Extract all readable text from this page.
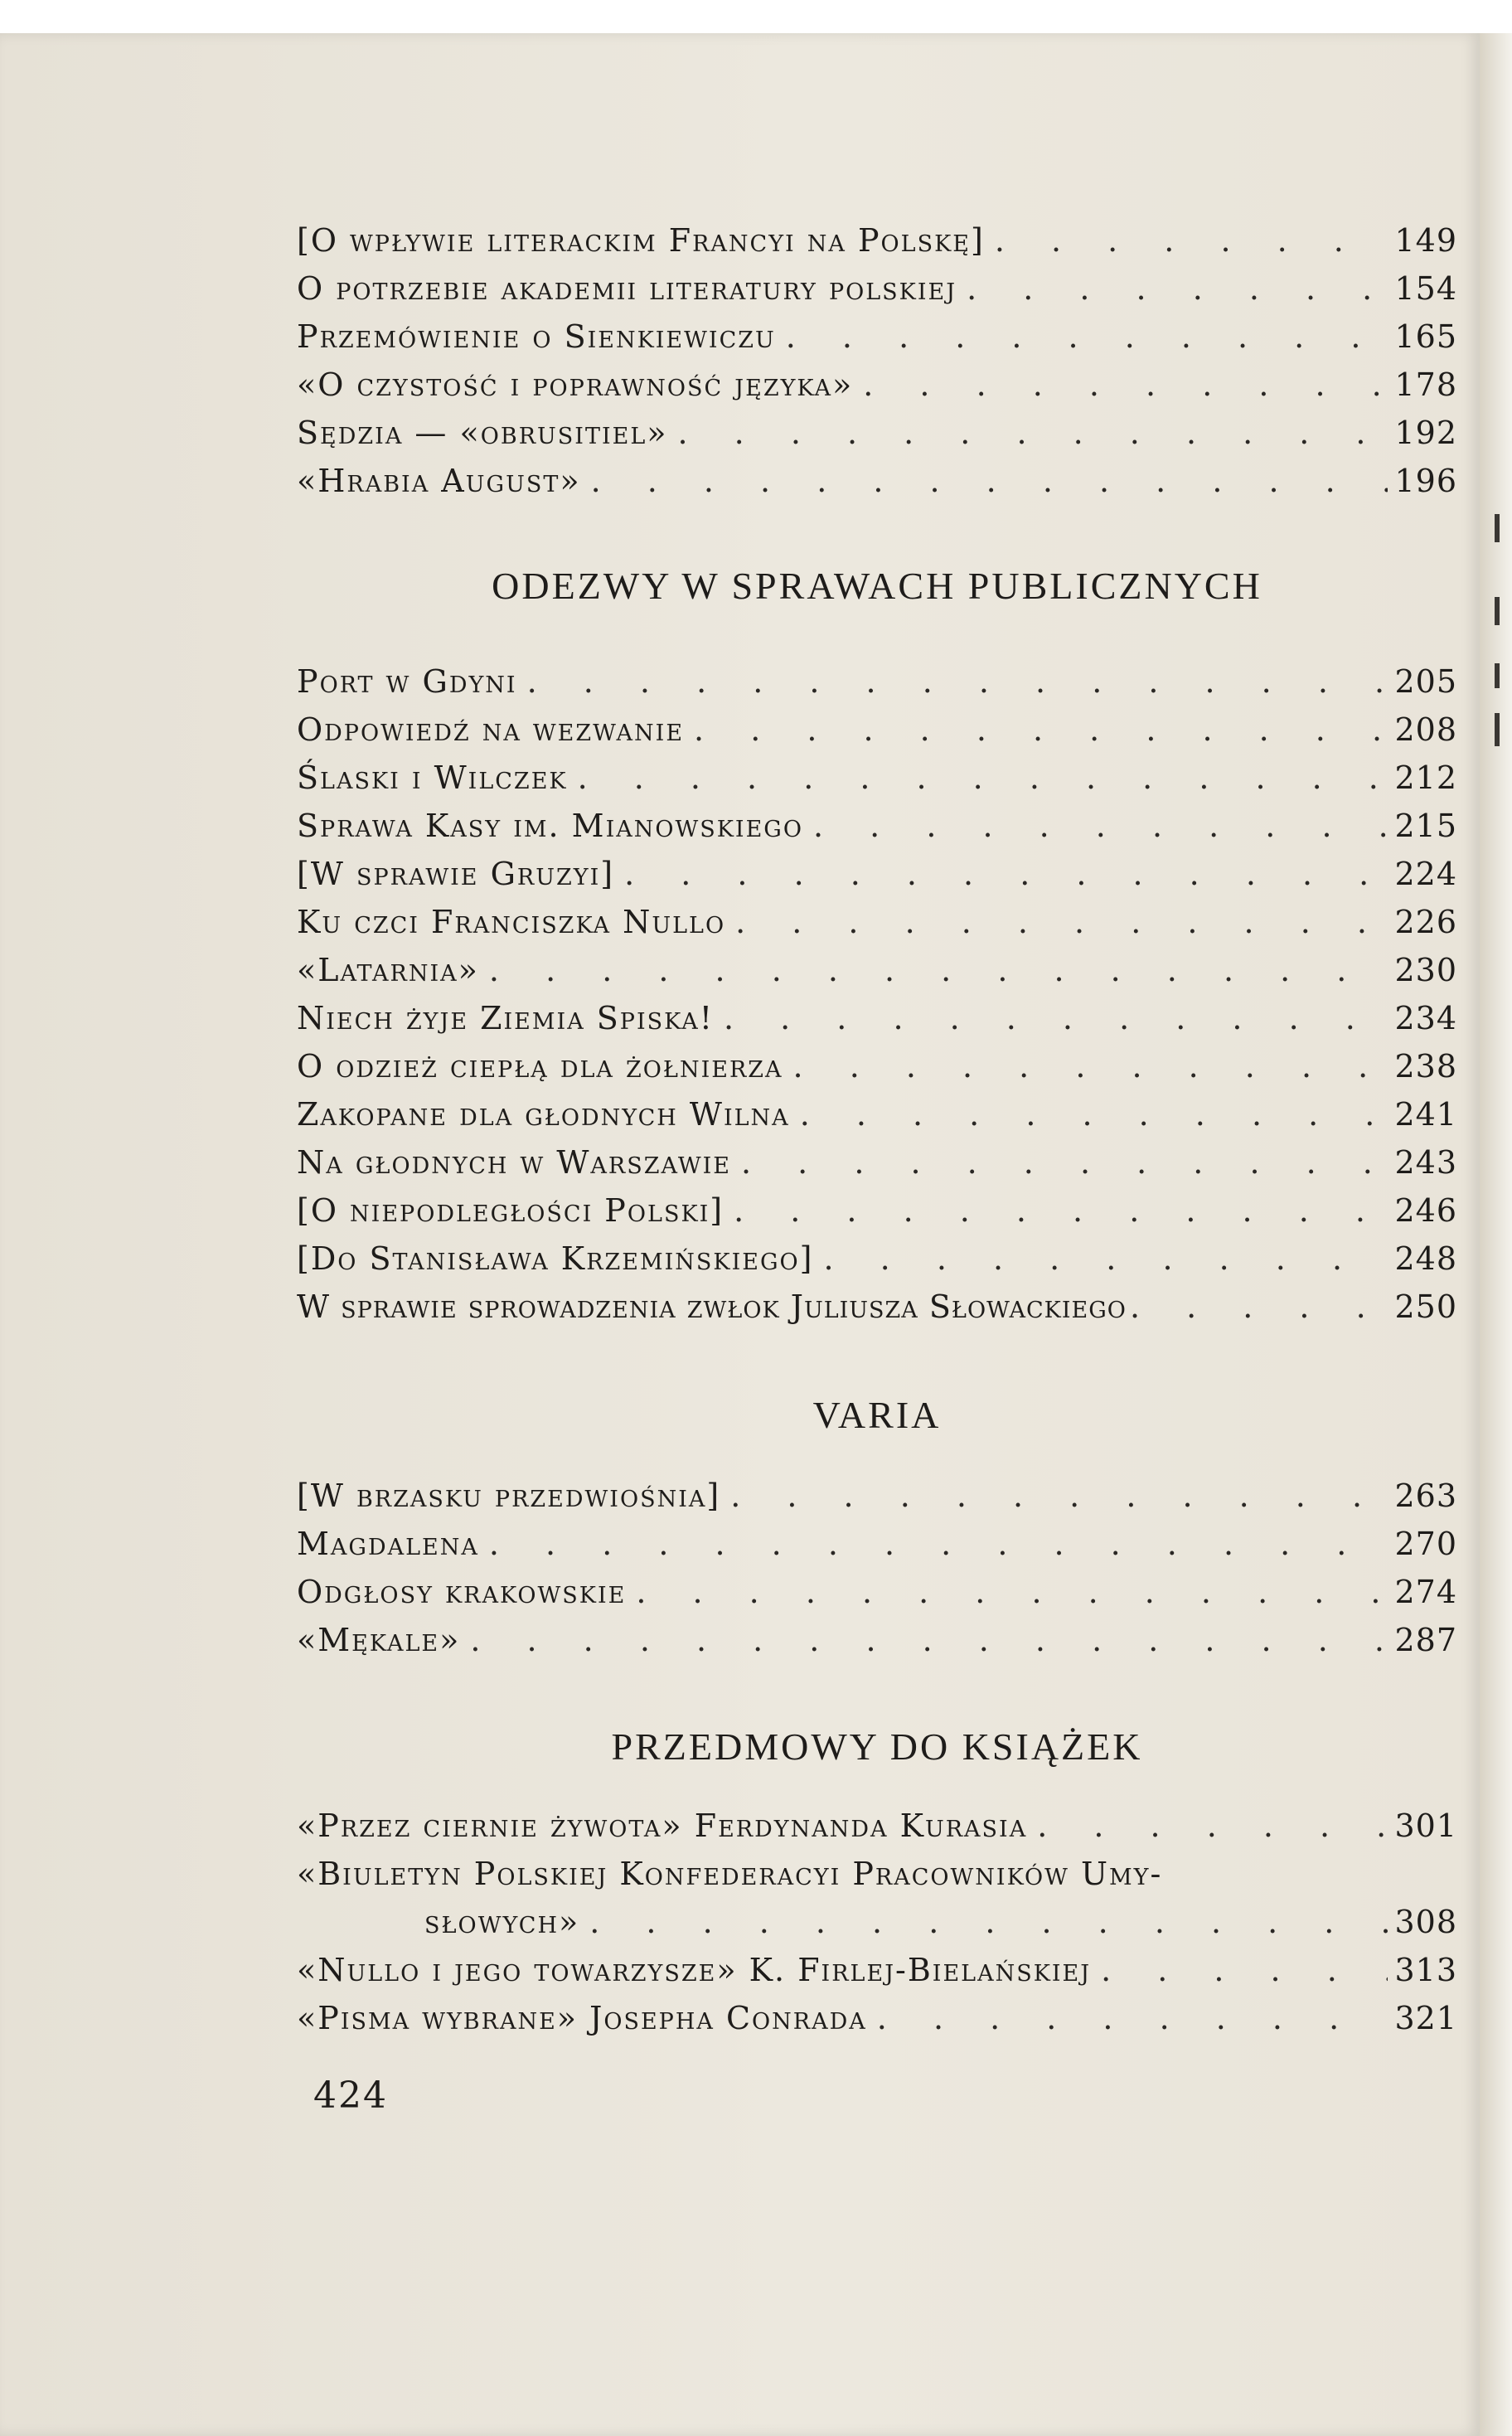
[O wpływie literackim Francyi na Polskę] . . .	149
O potrzebie akademii literatury polskiej . . .	154
Przemówienie o Sienkiewiczu . . .	165
«O czystość i poprawność języka» . . .	178
Sędzia — «obrusitiel» . . .	192
«Hrabia August» . . .	196
ODEZWY W SPRAWACH PUBLICZNYCH
Port w Gdyni . . .	205
Odpowiedź na wezwanie . . .	208
Ślaski i Wilczek . . .	212
Sprawa Kasy im. Mianowskiego . . .	215
[W sprawie Gruzyi] . . .	224
Ku czci Franciszka Nullo . . .	226
«Latarnia» . . .	230
Niech żyje Ziemia Spiska! . . .	234
O odzież ciepłą dla żołnierza . . .	238
Zakopane dla głodnych Wilna . . .	241
Na głodnych w Warszawie . . .	243
[O niepodległości Polski] . . .	246
[Do Stanisława Krzemińskiego] . . .	248
W sprawie sprowadzenia zwłok Juliusza Słowackiego . . .	250
VARIA
[W brzasku przedwiośnia] . . .	263
Magdalena . . .	270
Odgłosy krakowskie . . .	274
«Mękale» . . .	287
PRZEDMOWY DO KSIĄŻEK
«Przez ciernie żywota» Ferdynanda Kurasia . . .	301
«Biuletyn Polskiej Konfederacyi Pracowników Umy-
słowych» . . .	308
«Nullo i jego towarzysze» K. Firlej-Bielańskiej . . .	313
«Pisma wybrane» Josepha Conrada . . .	321
424
